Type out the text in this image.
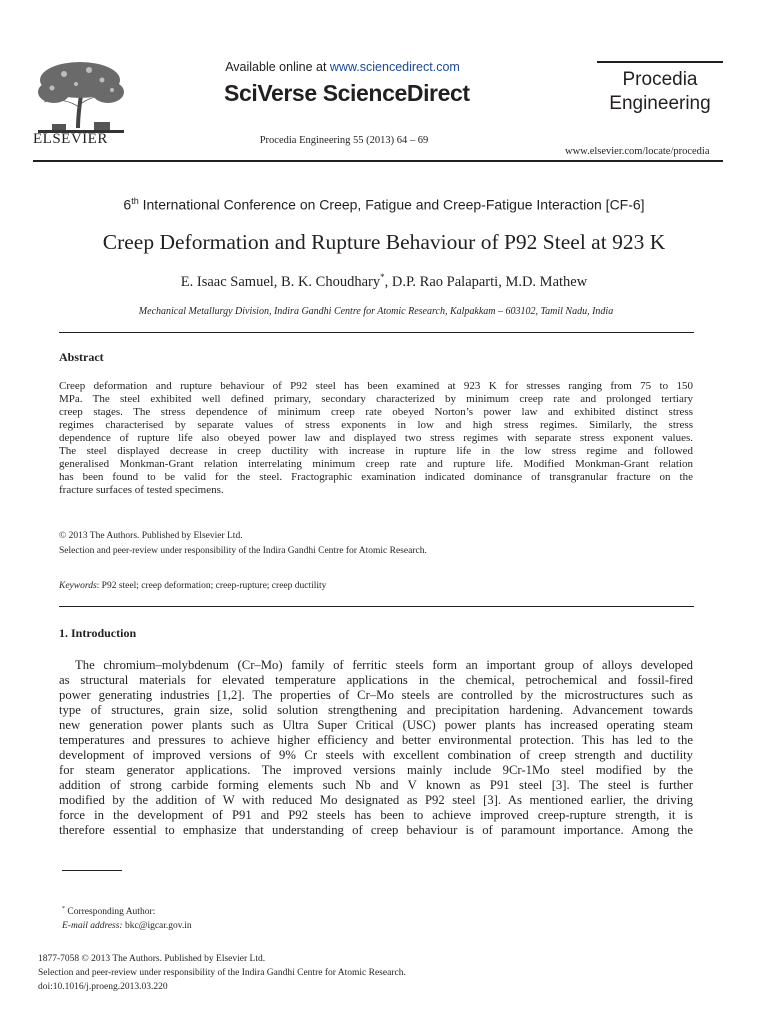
ELSEVIER
Available online at www.sciencedirect.com
SciVerse ScienceDirect
Procedia Engineering 55 (2013) 64 – 69
Procedia
Engineering
www.elsevier.com/locate/procedia
6th International Conference on Creep, Fatigue and Creep-Fatigue Interaction [CF-6]
Creep Deformation and Rupture Behaviour of P92 Steel at 923 K
E. Isaac Samuel, B. K. Choudhary*, D.P. Rao Palaparti, M.D. Mathew
Mechanical Metallurgy Division, Indira Gandhi Centre for Atomic Research, Kalpakkam – 603102, Tamil Nadu, India
Abstract
Creep deformation and rupture behaviour of P92 steel has been examined at 923 K for stresses ranging from 75 to 150
MPa. The steel exhibited well defined primary, secondary characterized by minimum creep rate and prolonged tertiary
creep stages. The stress dependence of minimum creep rate obeyed Norton’s power law and exhibited distinct stress
regimes characterised by separate values of stress exponents in low and high stress regimes. Similarly, the stress
dependence of rupture life also obeyed power law and displayed two stress regimes with separate stress exponent values.
The steel displayed decrease in creep ductility with increase in rupture life in the low stress regime and followed
generalised Monkman-Grant relation interrelating minimum creep rate and rupture life. Modified Monkman-Grant relation
has been found to be valid for the steel. Fractographic examination indicated dominance of transgranular fracture on the
fracture surfaces of tested specimens.
© 2013 The Authors. Published by Elsevier Ltd.
Selection and peer-review under responsibility of the Indira Gandhi Centre for Atomic Research.
Keywords: P92 steel; creep deformation; creep-rupture; creep ductility
1. Introduction
The chromium–molybdenum (Cr–Mo) family of ferritic steels form an important group of alloys developed
as structural materials for elevated temperature applications in the chemical, petrochemical and fossil-fired
power generating industries [1,2]. The properties of Cr–Mo steels are controlled by the microstructures such as
type of structures, grain size, solid solution strengthening and precipitation hardening. Advancement towards
new generation power plants such as Ultra Super Critical (USC) power plants has increased operating steam
temperatures and pressures to achieve higher efficiency and better environmental protection. This has led to the
development of improved versions of 9% Cr steels with excellent combination of creep strength and ductility
for steam generator applications. The improved versions mainly include 9Cr-1Mo steel modified by the
addition of strong carbide forming elements such Nb and V known as P91 steel [3]. The steel is further
modified by the addition of W with reduced Mo designated as P92 steel [3]. As mentioned earlier, the driving
force in the development of P91 and P92 steels has been to achieve improved creep-rupture strength, it is
therefore essential to emphasize that understanding of creep behaviour is of paramount importance. Among the
* Corresponding Author:
E-mail address: bkc@igcar.gov.in
1877-7058 © 2013 The Authors. Published by Elsevier Ltd.
Selection and peer-review under responsibility of the Indira Gandhi Centre for Atomic Research.
doi:10.1016/j.proeng.2013.03.220
